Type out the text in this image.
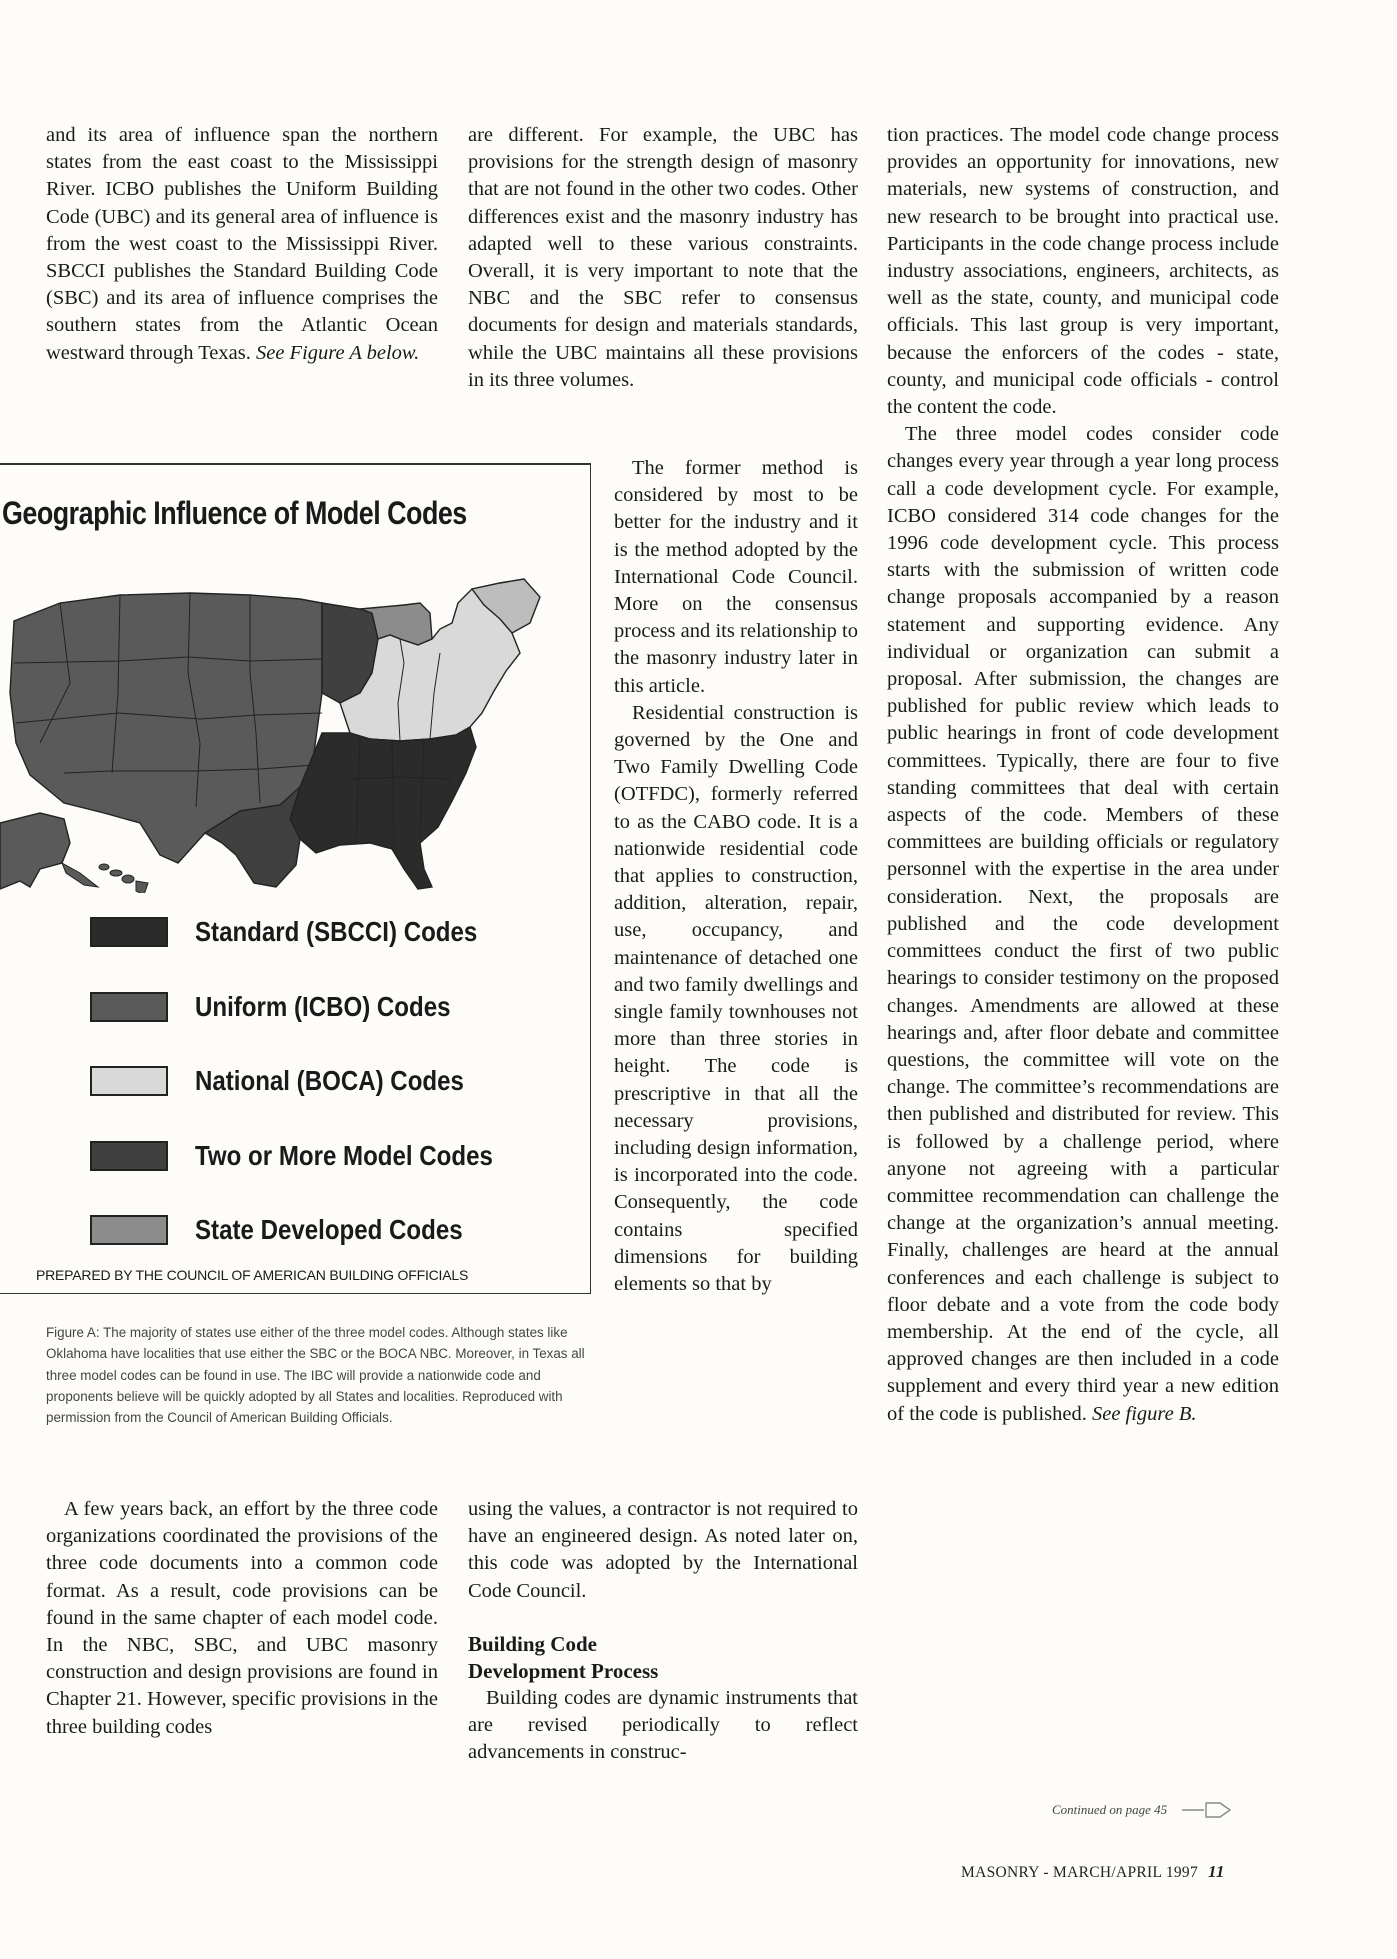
and its area of influence span the northern states from the east coast to the Mississippi River. ICBO publishes the Uniform Building Code (UBC) and its general area of influence is from the west coast to the Mississippi River. SBCCI publishes the Standard Building Code (SBC) and its area of influence comprises the southern states from the Atlantic Ocean westward through Texas. See Figure A below.

A few years back, an effort by the three code organizations coordinated the provisions of the three code documents into a common code format. As a result, code provisions can be found in the same chapter of each model code. In the NBC, SBC, and UBC masonry construction and design provisions are found in Chapter 21. However, specific provisions in the three building codes

are different. For example, the UBC has provisions for the strength design of masonry that are not found in the other two codes. Other differences exist and the masonry industry has adapted well to these various constraints. Overall, it is very important to note that the NBC and the SBC refer to consensus documents for design and materials standards, while the UBC maintains all these provisions in its three volumes.

The former method is considered by most to be better for the industry and it is the method adopted by the International Code Council. More on the consensus process and its relationship to the masonry industry later in this article.

Residential construction is governed by the One and Two Family Dwelling Code (OTFDC), formerly referred to as the CABO code. It is a nationwide residential code that applies to construction, addition, alteration, repair, use, occupancy, and maintenance of detached one and two family dwellings and single family townhouses not more than three stories in height. The code is prescriptive in that all the necessary provisions, including design information, is incorporated into the code. Consequently, the code contains specified dimensions for building elements so that by

using the values, a contractor is not required to have an engineered design. As noted later on, this code was adopted by the International Code Council.

Building Code
Development Process

Building codes are dynamic instruments that are revised periodically to reflect advancements in construc-

tion practices. The model code change process provides an opportunity for innovations, new materials, new systems of construction, and new research to be brought into practical use. Participants in the code change process include industry associations, engineers, architects, as well as the state, county, and municipal code officials. This last group is very important, because the enforcers of the codes - state, county, and municipal code officials - control the content the code.

The three model codes consider code changes every year through a year long process call a code development cycle. For example, ICBO considered 314 code changes for the 1996 code development cycle. This process starts with the submission of written code change proposals accompanied by a reason statement and supporting evidence. Any individual or organization can submit a proposal. After submission, the changes are published for public review which leads to public hearings in front of code development committees. Typically, there are four to five standing committees that deal with certain aspects of the code. Members of these committees are building officials or regulatory personnel with the expertise in the area under consideration. Next, the proposals are published and the code development committees conduct the first of two public hearings to consider testimony on the proposed changes. Amendments are allowed at these hearings and, after floor debate and committee questions, the committee will vote on the change. The committee’s recommendations are then published and distributed for review. This is followed by a challenge period, where anyone not agreeing with a particular committee recommendation can challenge the change at the organization’s annual meeting. Finally, challenges are heard at the annual conferences and each challenge is subject to floor debate and a vote from the code body membership. At the end of the cycle, all approved changes are then included in a code supplement and every third year a new edition of the code is published. See figure B.

Geographic Influence of Model Codes
Standard (SBCCI) Codes
Uniform (ICBO) Codes
National (BOCA) Codes
Two or More Model Codes
State Developed Codes
PREPARED BY THE COUNCIL OF AMERICAN BUILDING OFFICIALS
Figure A: The majority of states use either of the three model codes. Although states like Oklahoma have localities that use either the SBC or the BOCA NBC. Moreover, in Texas all three model codes can be found in use. The IBC will provide a nationwide code and proponents believe will be quickly adopted by all States and localities. Reproduced with permission from the Council of American Building Officials.
Continued on page 45
MASONRY - MARCH/APRIL 1997 11
